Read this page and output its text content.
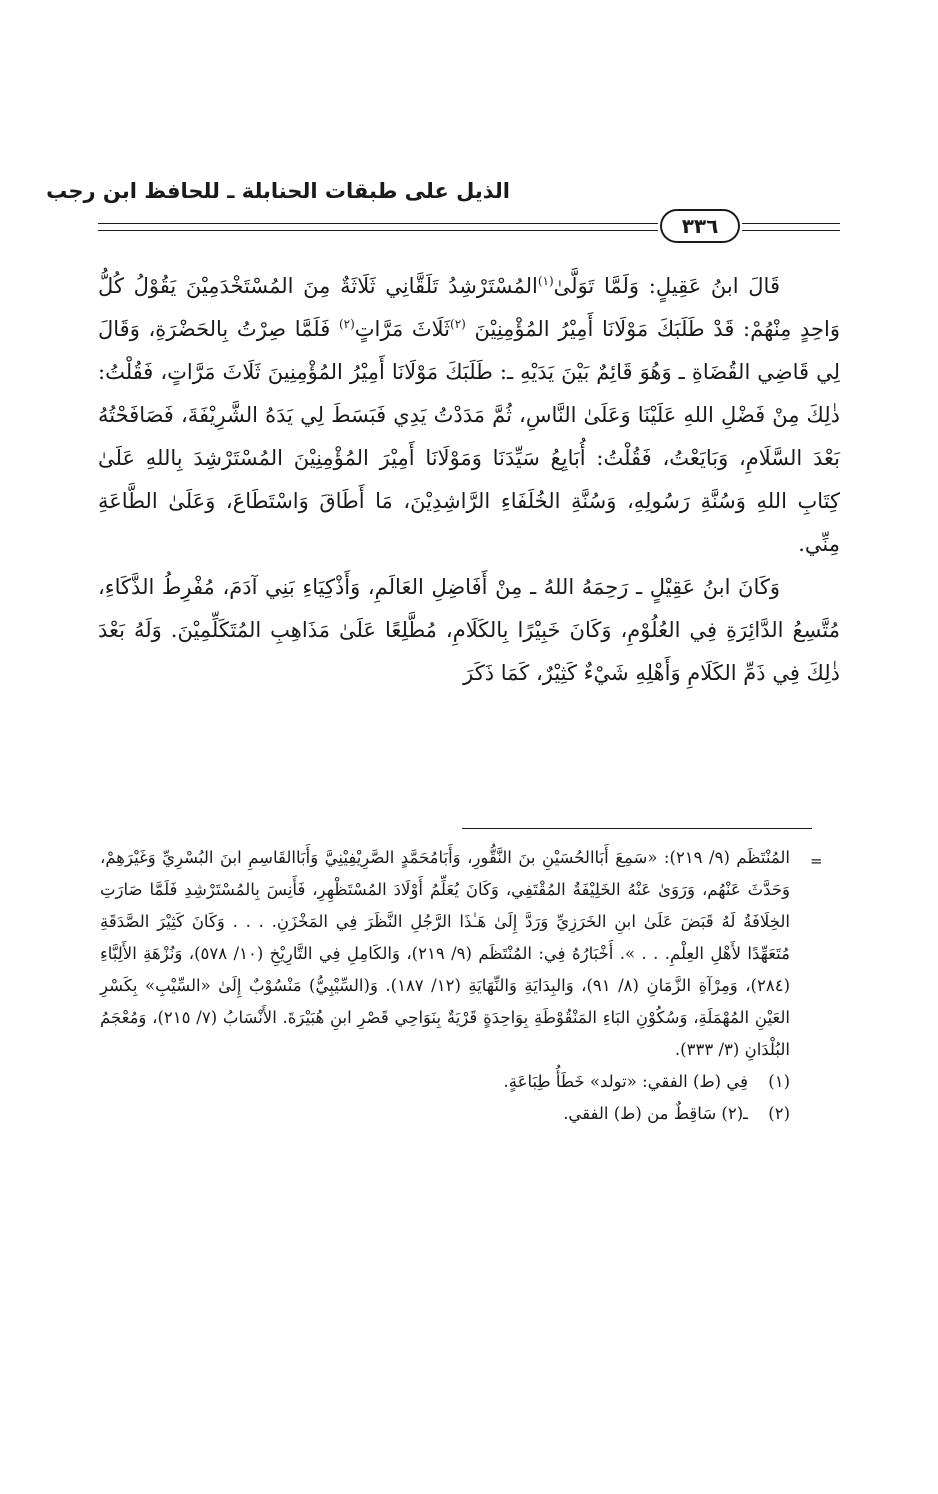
الذيل على طبقات الحنابلة ـ للحافظ ابن رجب
٣٣٦

قَالَ ابنُ عَقِيلٍ: وَلَمَّا تَوَلَّىٰ$^{(١)}$المُسْتَرْشِدُ تَلَقَّانِي ثَلَاثَةٌ مِنَ المُسْتَخْدَمِيْنَ يَقُوْلُ كُلُّ وَاحِدٍ مِنْهُمْ: قَدْ طَلَبَكَ مَوْلَانَا أَمِيْرُ المُؤْمِنِيْنَ $^{(٢)}$ثَلَاثَ مَرَّاتٍ$^{(٢)}$ فَلَمَّا صِرْتُ بِالحَضْرَةِ، وَقَالَ لِي قَاضِي القُضَاةِ ـ وَهُوَ قَائِمٌ بَيْنَ يَدَيْهِ ـ: طَلَبَكَ مَوْلَانَا أَمِيْرُ المُؤْمِنِينَ ثَلَاثَ مَرَّاتٍ، فَقُلْتُ: ذٰلِكَ مِنْ فَضْلِ اللهِ عَلَيْنَا وَعَلَىٰ النَّاسِ، ثُمَّ مَدَدْتُ يَدِي فَبَسَطَ لِي يَدَهُ الشَّرِيْفَةَ، فَصَافَحْتُهُ بَعْدَ السَّلَامِ، وَبَايَعْتُ، فَقُلْتُ: أُبَايِعُ سَيِّدَنَا وَمَوْلَانَا أَمِيْرَ المُؤْمِنِيْنَ المُسْتَرْشِدَ بِاللهِ عَلَىٰ كِتَابِ اللهِ وَسُنَّةِ رَسُولِهِ، وَسُنَّةِ الخُلَفَاءِ الرَّاشِدِيْنَ، مَا أَطَاقَ وَاسْتَطَاعَ، وَعَلَىٰ الطَّاعَةِ مِنِّي.

وَكَانَ ابنُ عَقِيْلٍ ـ رَحِمَهُ اللهُ ـ مِنْ أَفَاضِلِ العَالَمِ، وَأَذْكِيَاءِ بَنِي آدَمَ، مُفْرِطُ الذَّكَاءِ، مُتَّسِعُ الدَّائِرَةِ فِي العُلُوْمِ، وَكَانَ خَبِيْرًا بِالكَلَامِ، مُطَّلِعًا عَلَىٰ مَذَاهِبِ المُتَكَلِّمِيْنَ. وَلَهُ بَعْدَ ذٰلِكَ فِي ذَمِّ الكَلَامِ وَأَهْلِهِ شَيْءٌ كَثِيْرٌ، كَمَا ذَكَرَ

=

المُنْتَظَم (٩/ ٢١٩): «سَمِعَ أَبَاالحُسَيْنِ بنَ النَّقُّورِ، وَأَبَامُحَمَّدٍ الصَّرِيْفِيْنِيَّ وَأَبَاالقَاسِمِ ابنَ البُسْرِيِّ وَغَيْرَهِمْ، وَحَدَّثَ عَنْهُم، وَرَوَىٰ عَنْهُ الخَلِيْفَةُ المُقْتَفِي، وَكَانَ يُعَلِّمُ أَوْلَادَ المُسْتَظْهِرِ، فَأَنِسَ بِالمُسْتَرْشِدِ فَلَمَّا صَارَتِ الخِلَافَةُ لَهُ قَبَضَ عَلَىٰ ابنِ الخَرَزِيِّ وَرَدَّ إِلَىٰ هَـٰذَا الرَّجُلِ النَّظَرَ فِي المَخْزَنِ. . . . وَكَانَ كَثِيْرَ الصَّدَقَةِ مُتَعَهِّدًا لأَهْلِ العِلْمِ. . . ». أَخْبَارُهُ فِي: المُنْتَظَم (٩/ ٢١٩)، وَالكَامِلِ فِي التَّارِيْخِ (١٠/ ٥٧٨)، وَنُزْهَةِ الأَلِبَّاءِ (٢٨٤)، وَمِرْآةِ الزَّمَانِ (٨/ ٩١)، وَالبِدَايَةِ وَالنِّهَايَةِ (١٢/ ١٨٧). وَ(السِّيْبِيُّ) مَنْسُوْبٌ إِلَىٰ «السِّيْبِ» بِكَسْرِ العَيْنِ المُهْمَلَةِ، وَسُكُوْنِ البَاءِ المَنْقُوْطَةِ بِوَاحِدَةٍ قَرْيَةٌ بِنَوَاحِي قَصْرِ ابنِ هُبَيْرَةَ. الأَنْسَابُ (٧/ ٢١٥)، وَمُعْجَمُ البُلْدَانِ (٣/ ٣٣٣).

(١)فِي (ط) الفقي: «تولد» خَطَأُ طِبَاعَةٍ.

(٢)ـ(٢) سَاقِطٌ من (ط) الفقي.
